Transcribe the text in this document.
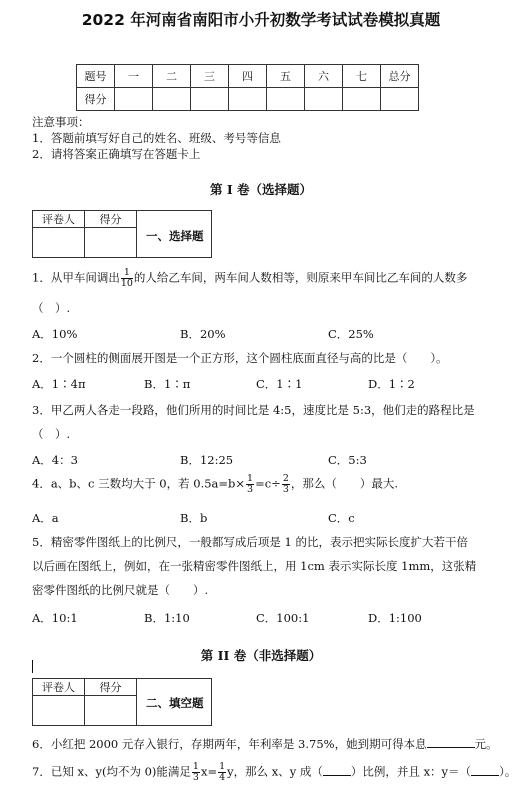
2022 年河南省南阳市小升初数学考试试卷模拟真题
题号	一	二	三	四	五	六	七	总分
得分								
注意事项：
1．答题前填写好自己的姓名、班级、考号等信息
2．请将答案正确填写在答题卡上
第 I 卷（选择题）
评卷人	得分

一、选择题
1．从甲车间调出 $\frac{1}{10}$ 的人给乙车间，两车间人数相等，则原来甲车间比乙车间的人数多
（　）.
A．10%	B．20%	C．25%
2．一个圆柱的侧面展开图是一个正方形，这个圆柱底面直径与高的比是（　　）。
A．1∶4π	B．1∶π	C．1∶1	D．1∶2
3．甲乙两人各走一段路，他们所用的时间比是 4:5，速度比是 5:3，他们走的路程比是
（　）.
A．4：3	B．12:25	C．5:3
4．a、b、c 三数均大于 0，若 $0.5a=b\times \frac{1}{3} =c\div \frac{2}{3}$ ，那么（　　）最大.
A．a	B．b	C．c
5．精密零件图纸上的比例尺，一般都写成后项是 1 的比，表示把实际长度扩大若干倍
以后画在图纸上，例如，在一张精密零件图纸上，用 1cm 表示实际长度 1mm，这张精
密零件图纸的比例尺就是（　　）.
A．10:1	B．1:10	C．100:1	D．1:100
第 II 卷（非选择题）
评卷人	得分

二、填空题
6．小红把 2000 元存入银行，存期两年，年利率是 3.75%，她到期可得本息	元。
7．已知 x、y(均不为 0)能满足 $\frac{1}{3} x= \frac{1}{4}$ y，那么 x、y 成（ ）比例，并且 x：y＝（ ）。
